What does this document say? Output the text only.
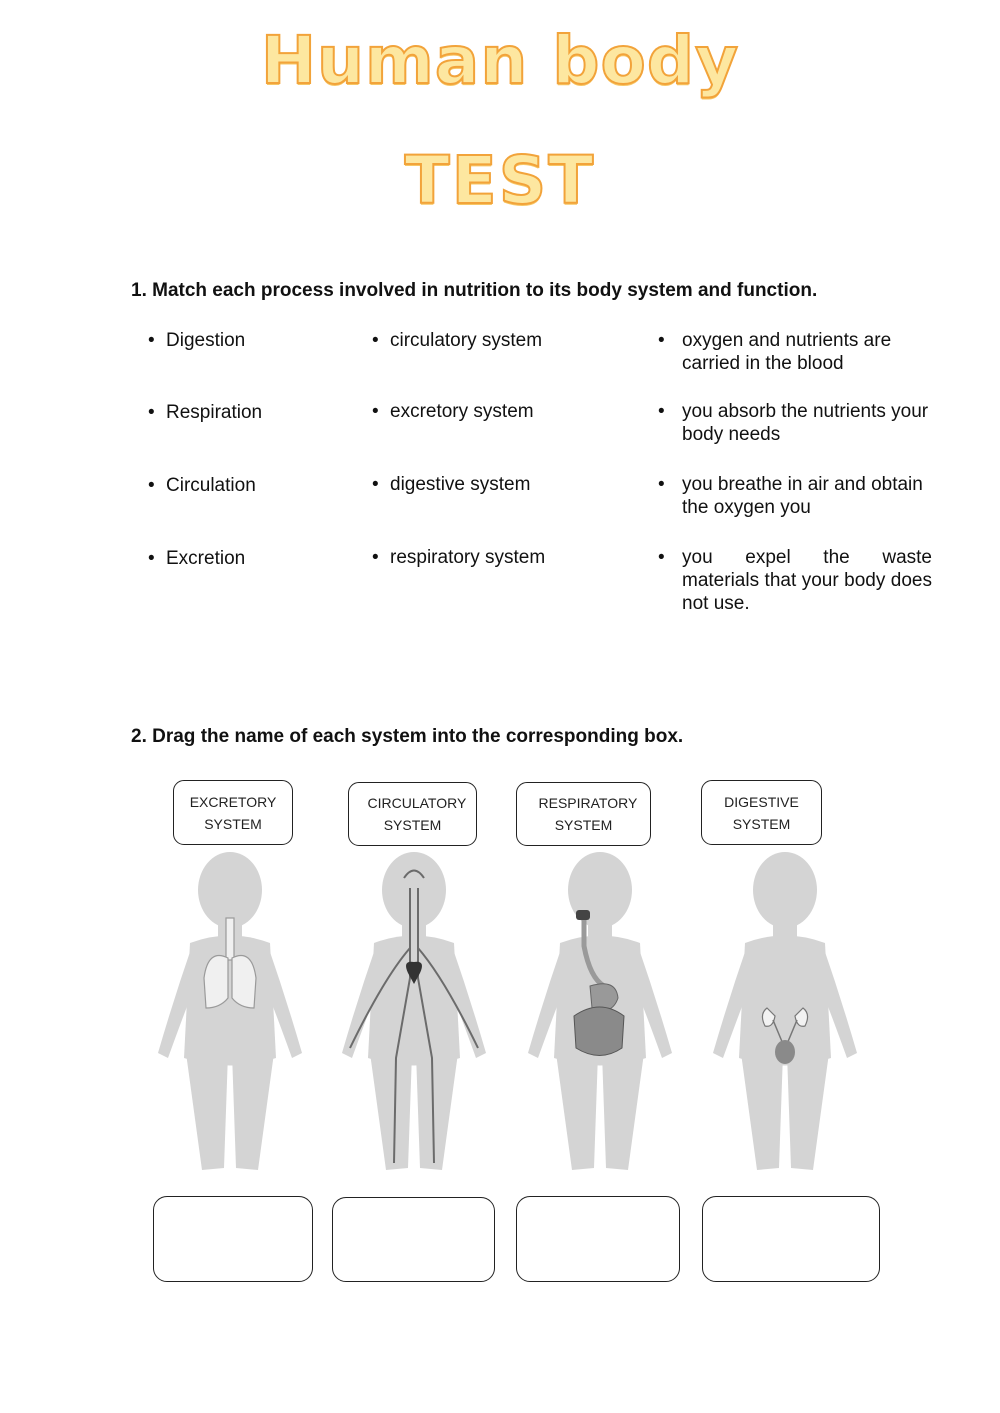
Human body
TEST
1. Match each process involved in nutrition to its body system and function.
• Digestion
• Respiration
• Circulation
• Excretion
• circulatory system
• excretory system
• digestive system
• respiratory system
• oxygen and nutrients are carried in the blood
• you absorb the nutrients your body needs
• you breathe in air and obtain the oxygen you
• you expel the waste materials that your body does not use.
2. Drag the name of each system into the corresponding box.
EXCRETORY SYSTEM
CIRCULATORY SYSTEM
RESPIRATORY SYSTEM
DIGESTIVE SYSTEM
